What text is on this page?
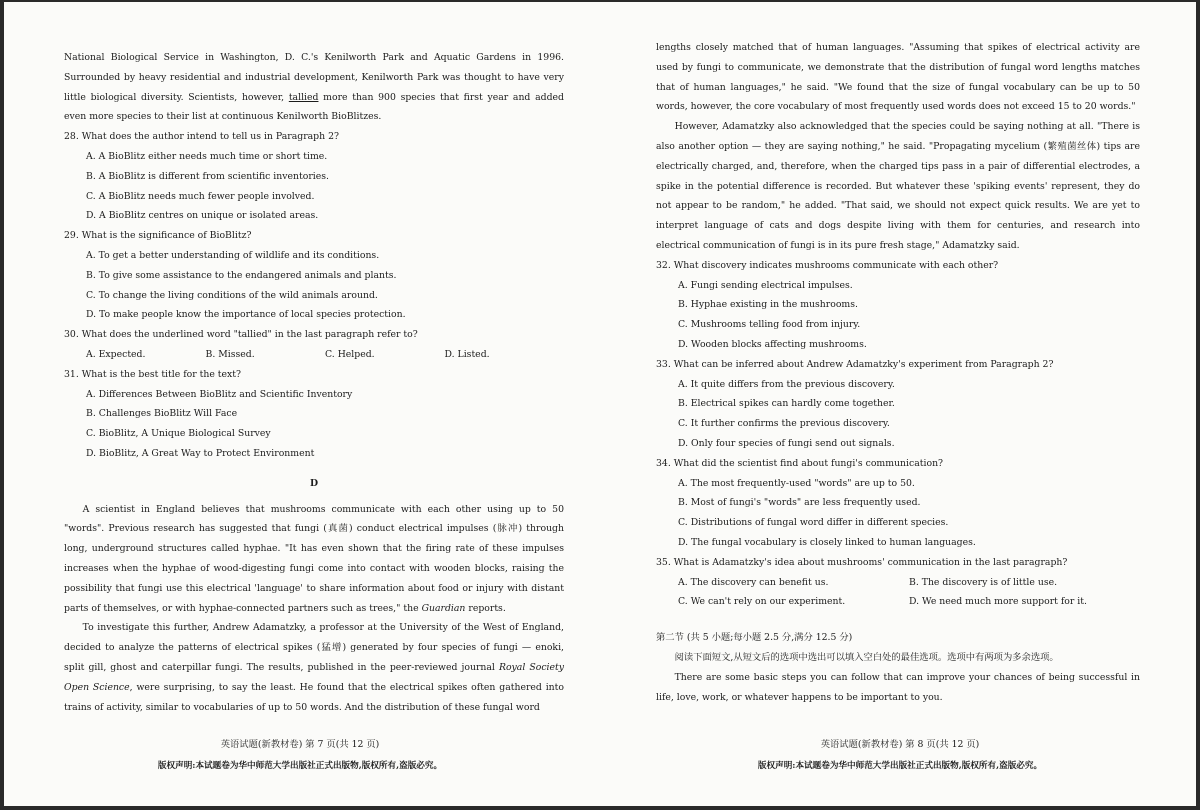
National Biological Service in Washington, D. C.'s Kenilworth Park and Aquatic Gardens in 1996. Surrounded by heavy residential and industrial development, Kenilworth Park was thought to have very little biological diversity. Scientists, however, tallied more than 900 species that first year and added even more species to their list at continuous Kenilworth BioBlitzes.

28. What does the author intend to tell us in Paragraph 2?

A. A BioBlitz either needs much time or short time.

B. A BioBlitz is different from scientific inventories.

C. A BioBlitz needs much fewer people involved.

D. A BioBlitz centres on unique or isolated areas.

29. What is the significance of BioBlitz?

A. To get a better understanding of wildlife and its conditions.

B. To give some assistance to the endangered animals and plants.

C. To change the living conditions of the wild animals around.

D. To make people know the importance of local species protection.

30. What does the underlined word "tallied" in the last paragraph refer to?

A. Expected.	B. Missed.	C. Helped.	D. Listed.

31. What is the best title for the text?

A. Differences Between BioBlitz and Scientific Inventory

B. Challenges BioBlitz Will Face

C. BioBlitz, A Unique Biological Survey

D. BioBlitz, A Great Way to Protect Environment

D

A scientist in England believes that mushrooms communicate with each other using up to 50 "words". Previous research has suggested that fungi (真菌) conduct electrical impulses (脉冲) through long, underground structures called hyphae. "It has even shown that the firing rate of these impulses increases when the hyphae of wood-digesting fungi come into contact with wooden blocks, raising the possibility that fungi use this electrical 'language' to share information about food or injury with distant parts of themselves, or with hyphae-connected partners such as trees," the Guardian reports.

To investigate this further, Andrew Adamatzky, a professor at the University of the West of England, decided to analyze the patterns of electrical spikes (猛增) generated by four species of fungi — enoki, split gill, ghost and caterpillar fungi. The results, published in the peer-reviewed journal Royal Society Open Science, were surprising, to say the least. He found that the electrical spikes often gathered into trains of activity, similar to vocabularies of up to 50 words. And the distribution of these fungal word

英语试题(新教材卷) 第 7 页(共 12 页)
版权声明:本试题卷为华中师范大学出版社正式出版物,版权所有,盗版必究。

lengths closely matched that of human languages. "Assuming that spikes of electrical activity are used by fungi to communicate, we demonstrate that the distribution of fungal word lengths matches that of human languages," he said. "We found that the size of fungal vocabulary can be up to 50 words, however, the core vocabulary of most frequently used words does not exceed 15 to 20 words."

However, Adamatzky also acknowledged that the species could be saying nothing at all. "There is also another option — they are saying nothing," he said. "Propagating mycelium (繁殖菌丝体) tips are electrically charged, and, therefore, when the charged tips pass in a pair of differential electrodes, a spike in the potential difference is recorded. But whatever these 'spiking events' represent, they do not appear to be random," he added. "That said, we should not expect quick results. We are yet to interpret language of cats and dogs despite living with them for centuries, and research into electrical communication of fungi is in its pure fresh stage," Adamatzky said.

32. What discovery indicates mushrooms communicate with each other?

A. Fungi sending electrical impulses.

B. Hyphae existing in the mushrooms.

C. Mushrooms telling food from injury.

D. Wooden blocks affecting mushrooms.

33. What can be inferred about Andrew Adamatzky's experiment from Paragraph 2?

A. It quite differs from the previous discovery.

B. Electrical spikes can hardly come together.

C. It further confirms the previous discovery.

D. Only four species of fungi send out signals.

34. What did the scientist find about fungi's communication?

A. The most frequently-used "words" are up to 50.

B. Most of fungi's "words" are less frequently used.

C. Distributions of fungal word differ in different species.

D. The fungal vocabulary is closely linked to human languages.

35. What is Adamatzky's idea about mushrooms' communication in the last paragraph?

A. The discovery can benefit us.	B. The discovery is of little use.
C. We can't rely on our experiment.	D. We need much more support for it.

第二节 (共 5 小题;每小题 2.5 分,满分 12.5 分)

阅读下面短文,从短文后的选项中选出可以填入空白处的最佳选项。选项中有两项为多余选项。

There are some basic steps you can follow that can improve your chances of being successful in life, love, work, or whatever happens to be important to you.

英语试题(新教材卷) 第 8 页(共 12 页)
版权声明:本试题卷为华中师范大学出版社正式出版物,版权所有,盗版必究。
